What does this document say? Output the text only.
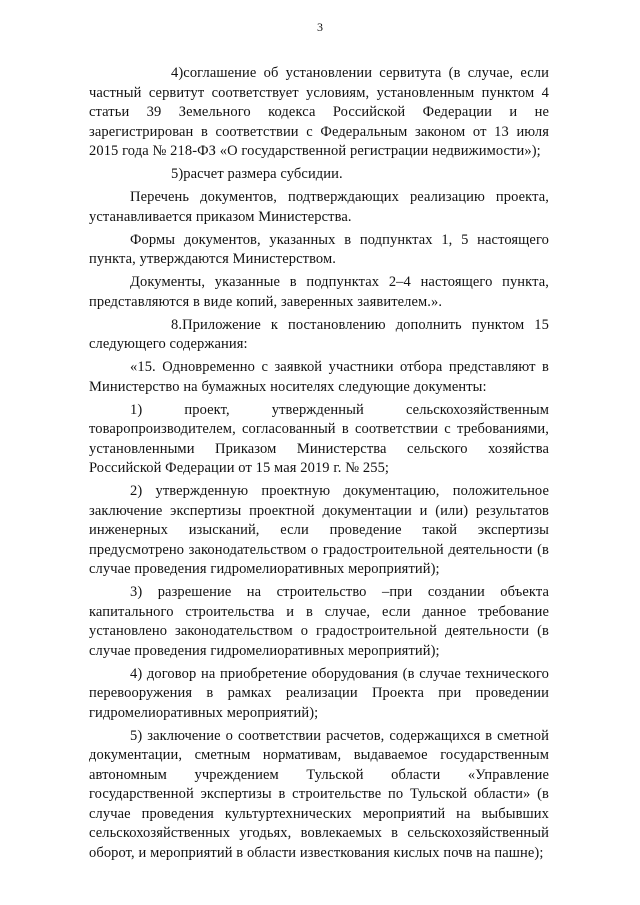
3

4)соглашение об установлении сервитута (в случае, если частный сервитут соответствует условиям, установленным пунктом 4 статьи 39 Земельного кодекса Российской Федерации и не зарегистрирован в соответствии с Федеральным законом от 13 июля 2015 года № 218-ФЗ «О государственной регистрации недвижимости»);

5)расчет размера субсидии.

Перечень документов, подтверждающих реализацию проекта, устанавливается приказом Министерства.

Формы документов, указанных в подпунктах 1, 5 настоящего пункта, утверждаются Министерством.

Документы, указанные в подпунктах 2–4 настоящего пункта, представляются в виде копий, заверенных заявителем.».

8.Приложение к постановлению дополнить пунктом 15 следующего содержания:

«15. Одновременно с заявкой участники отбора представляют в Министерство на бумажных носителях следующие документы:

1) проект, утвержденный сельскохозяйственным товаропроизводителем, согласованный в соответствии с требованиями, установленными Приказом Министерства сельского хозяйства Российской Федерации от 15 мая 2019 г. № 255;

2) утвержденную проектную документацию, положительное заключение экспертизы проектной документации и (или) результатов инженерных изысканий, если проведение такой экспертизы предусмотрено законодательством о градостроительной деятельности (в случае проведения гидромелиоративных мероприятий);

3) разрешение на строительство –при создании объекта капитального строительства и в случае, если данное требование установлено законодательством о градостроительной деятельности (в случае проведения гидромелиоративных мероприятий);

4) договор на приобретение оборудования (в случае технического перевооружения в рамках реализации Проекта при проведении гидромелиоративных мероприятий);

5) заключение о соответствии расчетов, содержащихся в сметной документации, сметным нормативам, выдаваемое государственным автономным учреждением Тульской области «Управление государственной экспертизы в строительстве по Тульской области» (в случае проведения культуртехнических мероприятий на выбывших сельскохозяйственных угодьях, вовлекаемых в сельскохозяйственный оборот, и мероприятий в области известкования кислых почв на пашне);
